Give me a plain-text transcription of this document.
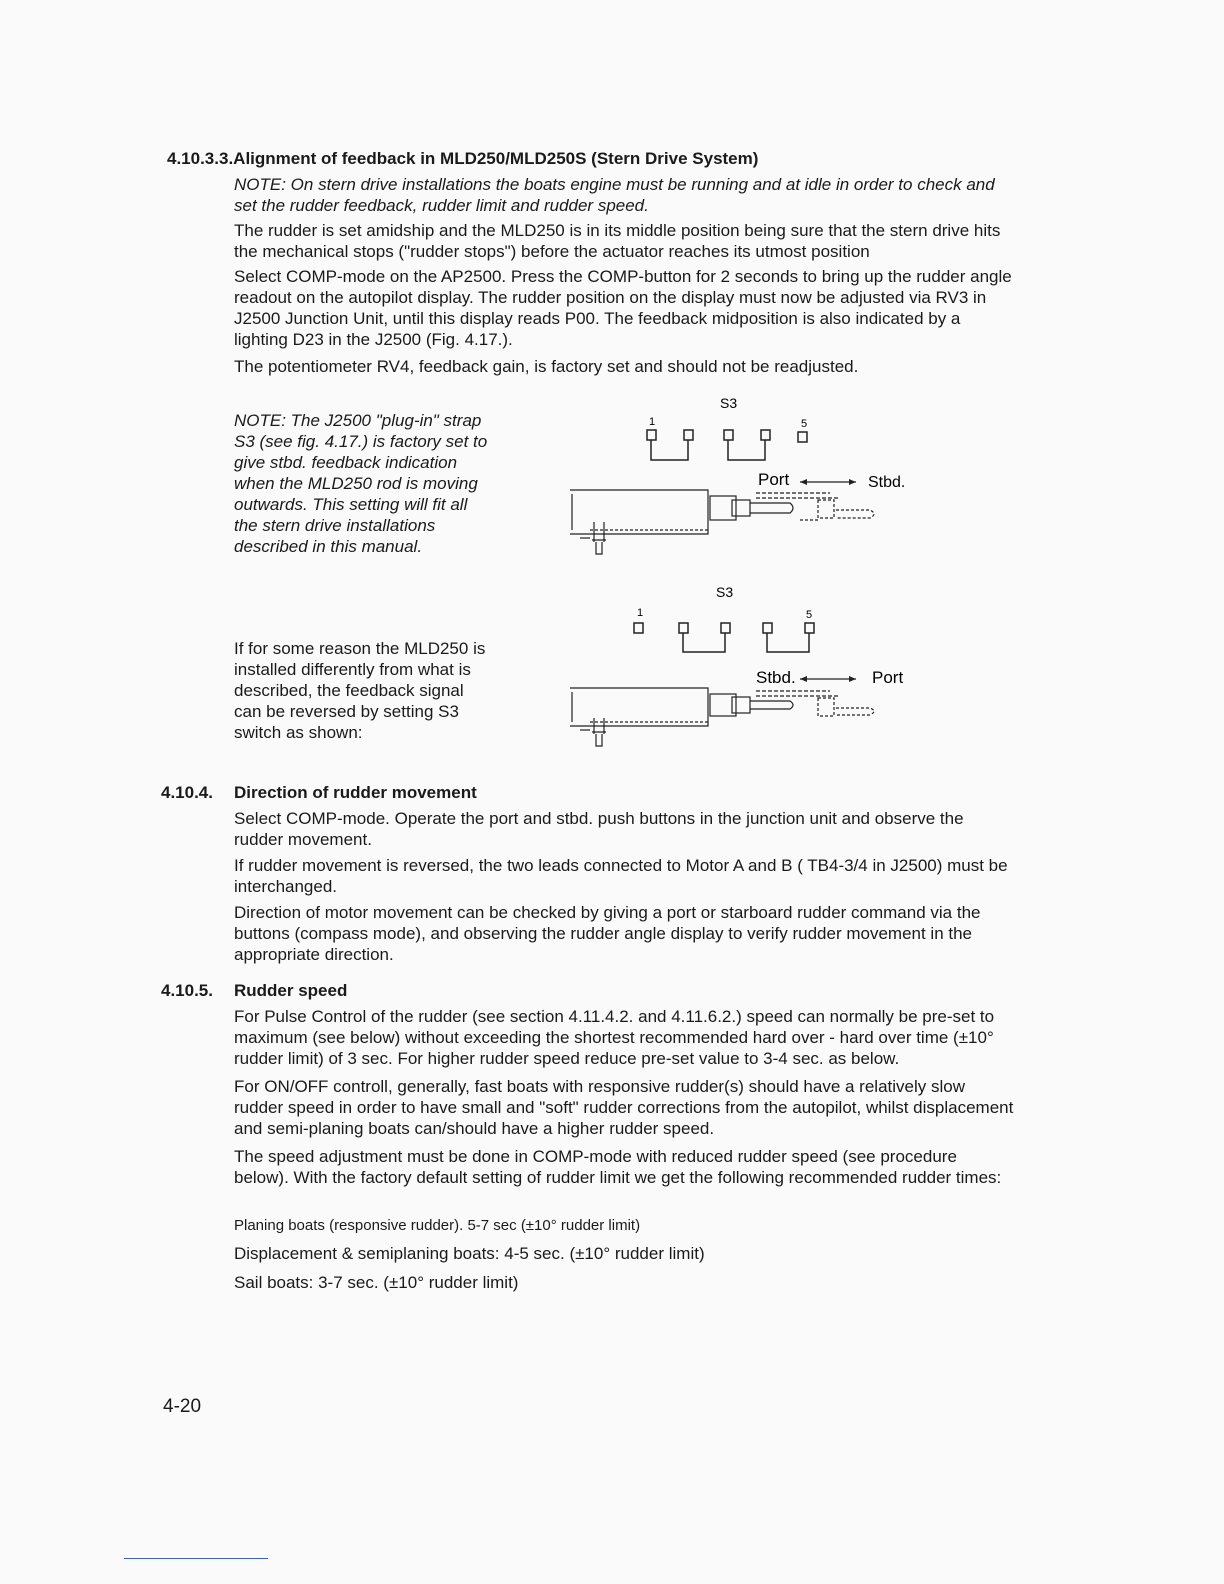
4.10.3.3.Alignment of feedback in MLD250/MLD250S (Stern Drive System)
NOTE: On stern drive installations the boats engine must be running and at idle in order to check and set the rudder feedback, rudder limit and rudder speed.
The rudder is set amidship and the MLD250 is in its middle position being sure that the stern drive hits the mechanical stops ("rudder stops") before the actuator reaches its utmost position
Select COMP-mode on the AP2500. Press the COMP-button for 2 seconds to bring up the rudder angle readout on the autopilot display. The rudder position on the display must now be adjusted via RV3 in J2500 Junction Unit, until this display reads P00. The feedback midposition is also indicated by a lighting D23 in the J2500 (Fig. 4.17.).
The potentiometer RV4, feedback gain, is factory set and should not be readjusted.
NOTE: The J2500 "plug-in" strap S3 (see fig. 4.17.) is factory set to give stbd. feedback indication when the MLD250 rod is moving outwards. This setting will fit all the stern drive installations described in this manual.
If for some reason the MLD250 is installed differently from what is described, the feedback signal can be reversed by setting S3 switch as shown:
S3
1	5
Port	Stbd.
S3
1	5
Stbd.	Port
4.10.4. Direction of rudder movement
Select COMP-mode. Operate the port and stbd. push buttons in the junction unit and observe the rudder movement.
If rudder movement is reversed, the two leads connected to Motor A and B ( TB4-3/4 in J2500) must be interchanged.
Direction of motor movement can be checked by giving a port or starboard rudder command via the buttons (compass mode), and observing the rudder angle display to verify rudder movement in the appropriate direction.
4.10.5. Rudder speed
For Pulse Control of the rudder (see section 4.11.4.2. and 4.11.6.2.) speed can normally be pre-set to maximum (see below) without exceeding the shortest recommended hard over - hard over time (±10° rudder limit) of 3 sec. For higher rudder speed reduce pre-set value to 3-4 sec. as below.
For ON/OFF controll, generally, fast boats with responsive rudder(s) should have a relatively slow rudder speed in order to have small and "soft" rudder corrections from the autopilot, whilst displacement and semi-planing boats can/should have a higher rudder speed.
The speed adjustment must be done in COMP-mode with reduced rudder speed (see procedure below). With the factory default setting of rudder limit we get the following recommended rudder times:
Planing boats (responsive rudder). 5-7 sec (±10° rudder limit)
Displacement & semiplaning boats: 4-5 sec. (±10° rudder limit)
Sail boats: 3-7 sec. (±10° rudder limit)
4-20
